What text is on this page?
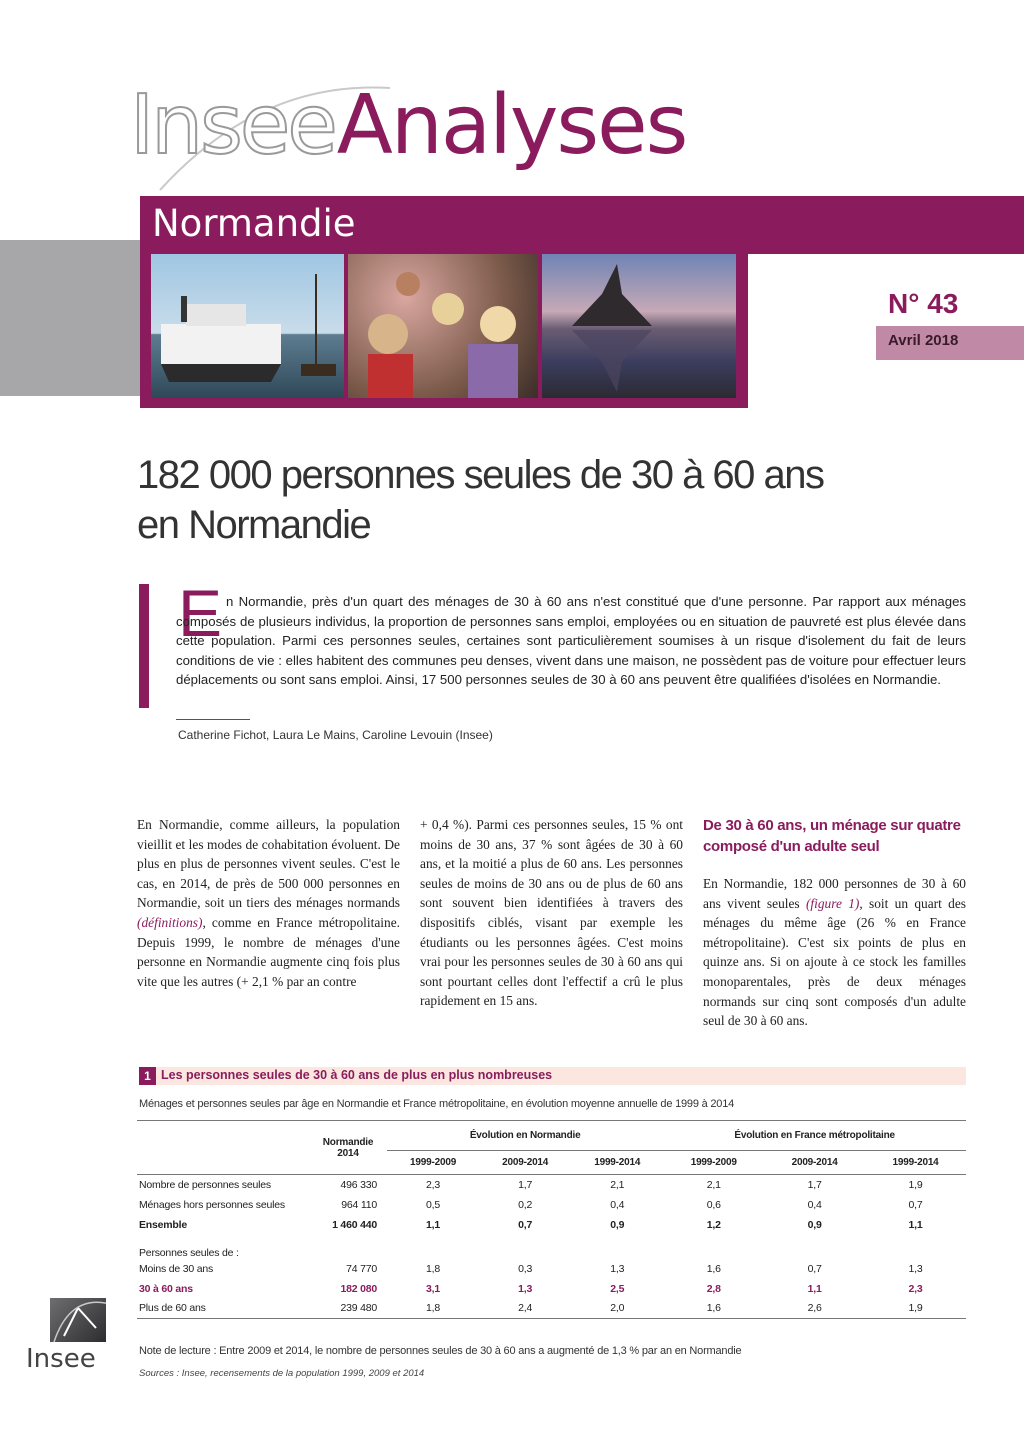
InseeAnalyses
Normandie
N° 43
Avril 2018
182 000 personnes seules de 30 à 60 ans
en Normandie
E n Normandie, près d'un quart des ménages de 30 à 60 ans n'est constitué que d'une personne. Par rapport aux ménages composés de plusieurs individus, la proportion de personnes sans emploi, employées ou en situation de pauvreté est plus élevée dans cette population. Parmi ces personnes seules, certaines sont particulièrement soumises à un risque d'isolement du fait de leurs conditions de vie : elles habitent des communes peu denses, vivent dans une maison, ne possèdent pas de voiture pour effectuer leurs déplacements ou sont sans emploi. Ainsi, 17 500 personnes seules de 30 à 60 ans peuvent être qualifiées d'isolées en Normandie.
Catherine Fichot, Laura Le Mains, Caroline Levouin (Insee)
En Normandie, comme ailleurs, la population vieillit et les modes de cohabitation évoluent. De plus en plus de personnes vivent seules. C'est le cas, en 2014, de près de 500 000 personnes en Normandie, soit un tiers des ménages normands (définitions), comme en France métropolitaine. Depuis 1999, le nombre de ménages d'une personne en Normandie augmente cinq fois plus vite que les autres (+ 2,1 % par an contre
+ 0,4 %). Parmi ces personnes seules, 15 % ont moins de 30 ans, 37 % sont âgées de 30 à 60 ans, et la moitié a plus de 60 ans. Les personnes seules de moins de 30 ans ou de plus de 60 ans sont souvent bien identifiées à travers des dispositifs ciblés, visant par exemple les étudiants ou les personnes âgées. C'est moins vrai pour les personnes seules de 30 à 60 ans qui sont pourtant celles dont l'effectif a crû le plus rapidement en 15 ans.
De 30 à 60 ans, un ménage sur quatre composé d'un adulte seul
En Normandie, 182 000 personnes de 30 à 60 ans vivent seules (figure 1), soit un quart des ménages du même âge (26 % en France métropolitaine). C'est six points de plus en quinze ans. Si on ajoute à ce stock les familles monoparentales, près de deux ménages normands sur cinq sont composés d'un adulte seul de 30 à 60 ans.
1 Les personnes seules de 30 à 60 ans de plus en plus nombreuses
Ménages et personnes seules par âge en Normandie et France métropolitaine, en évolution moyenne annuelle de 1999 à 2014
	Normandie
2014	Évolution en Normandie			Évolution en France métropolitaine		
		1999-2009	2009-2014	1999-2014	1999-2009	2009-2014	1999-2014
Nombre de personnes seules	496 330	2,3	1,7	2,1	2,1	1,7	1,9
Ménages hors personnes seules	964 110	0,5	0,2	0,4	0,6	0,4	0,7
Ensemble	1 460 440	1,1	0,7	0,9	1,2	0,9	1,1
Personnes seules de :							
Moins de 30 ans	74 770	1,8	0,3	1,3	1,6	0,7	1,3
30 à 60 ans	182 080	3,1	1,3	2,5	2,8	1,1	2,3
Plus de 60 ans	239 480	1,8	2,4	2,0	1,6	2,6	1,9
Note de lecture : Entre 2009 et 2014, le nombre de personnes seules de 30 à 60 ans a augmenté de 1,3 % par an en Normandie
Sources : Insee, recensements de la population 1999, 2009 et 2014
Insee
